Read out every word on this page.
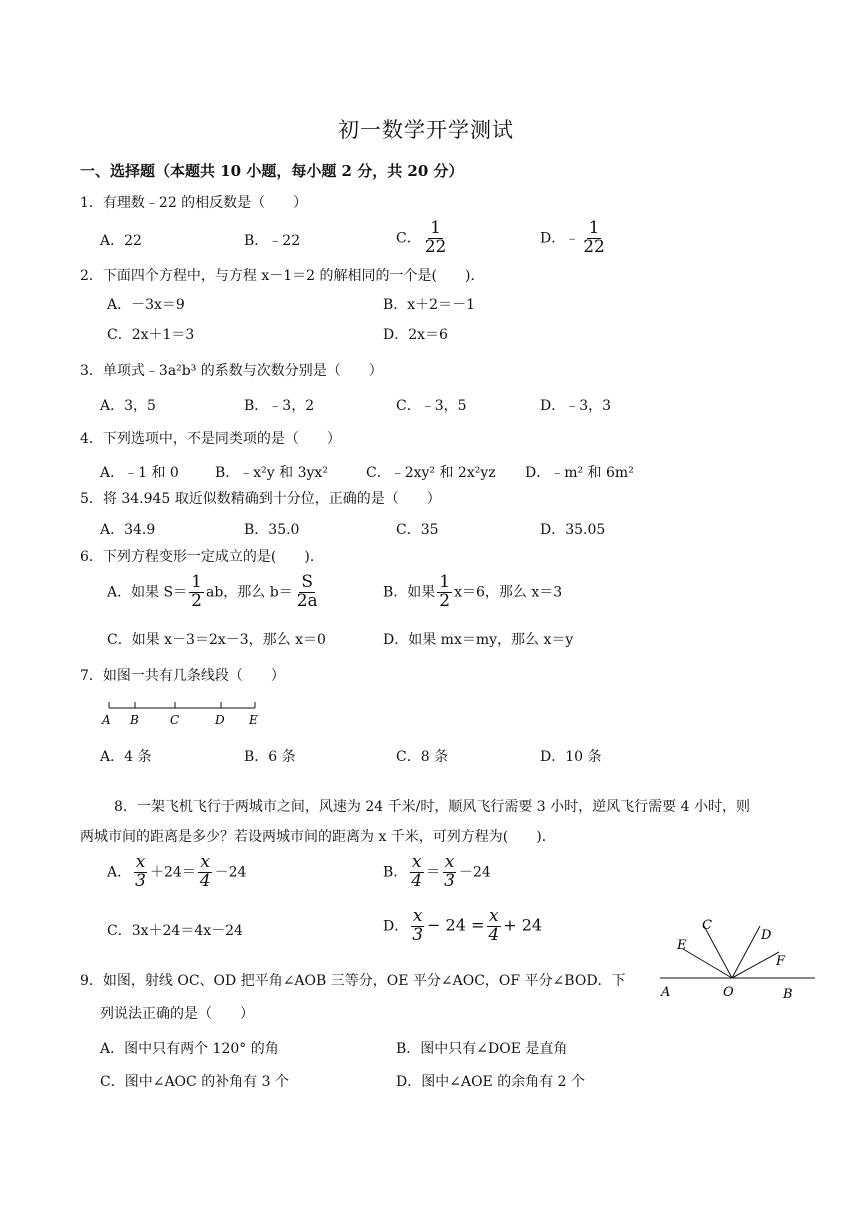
初一数学开学测试
一、选择题（本题共 10 小题，每小题 2 分，共 20 分）
1．有理数﹣22 的相反数是（　　）
A．22	B．﹣22	C． $\frac{1}{22}$	D．﹣ $\frac{1}{22}$
2．下面四个方程中，与方程 x－1＝2 的解相同的一个是(　　)．
A．－3x＝9	B．x＋2＝－1
C．2x＋1＝3	D．2x＝6
3．单项式﹣3a²b³ 的系数与次数分别是（　　）
A．3，5	B．﹣3，2	C．﹣3，5	D．﹣3，3
4．下列选项中，不是同类项的是（　　）
A．﹣1 和 0	B．﹣x²y 和 3yx²	C．﹣2xy² 和 2x²yz D．﹣m² 和 6m²
5．将 34.945 取近似数精确到十分位，正确的是（　　）
A．34.9	B．35.0	C．35	D．35.05
6．下列方程变形一定成立的是(　　)．
A．如果 $S= \frac{1}{2}$ ab，那么 $b= \frac{S}{2a}$	B．如果 $\frac{1}{2} x=6$，那么 x＝3
C．如果 x－3＝2x－3，那么 x＝0	D．如果 mx＝my，那么 x＝y
7．如图一共有几条线段（　　）
A B	C	D E
A．4 条	B．6 条	C．8 条	D．10 条
8．一架飞机飞行于两城市之间，风速为 24 千米/时，顺风飞行需要 3 小时，逆风飞行需要 4 小时，则
两城市间的距离是多少？若设两城市间的距离为 x 千米，可列方程为(　　)．
A． $\frac{x}{3} +24= \frac{x}{4} -24$	B． $\frac{x}{4} = \frac{x}{3} -24$
C．3x＋24＝4x－24	D． $\frac{x}{3} - 24 = \frac{x}{4} + 24$
A	O	B
C
D
E
F
9．如图，射线 OC、OD 把平角∠AOB 三等分，OE 平分∠AOC，OF 平分∠BOD．下
列说法正确的是（　　）
A．图中只有两个 120° 的角	B．图中只有∠DOE 是直角
C．图中∠AOC 的补角有 3 个	D．图中∠AOE 的余角有 2 个
